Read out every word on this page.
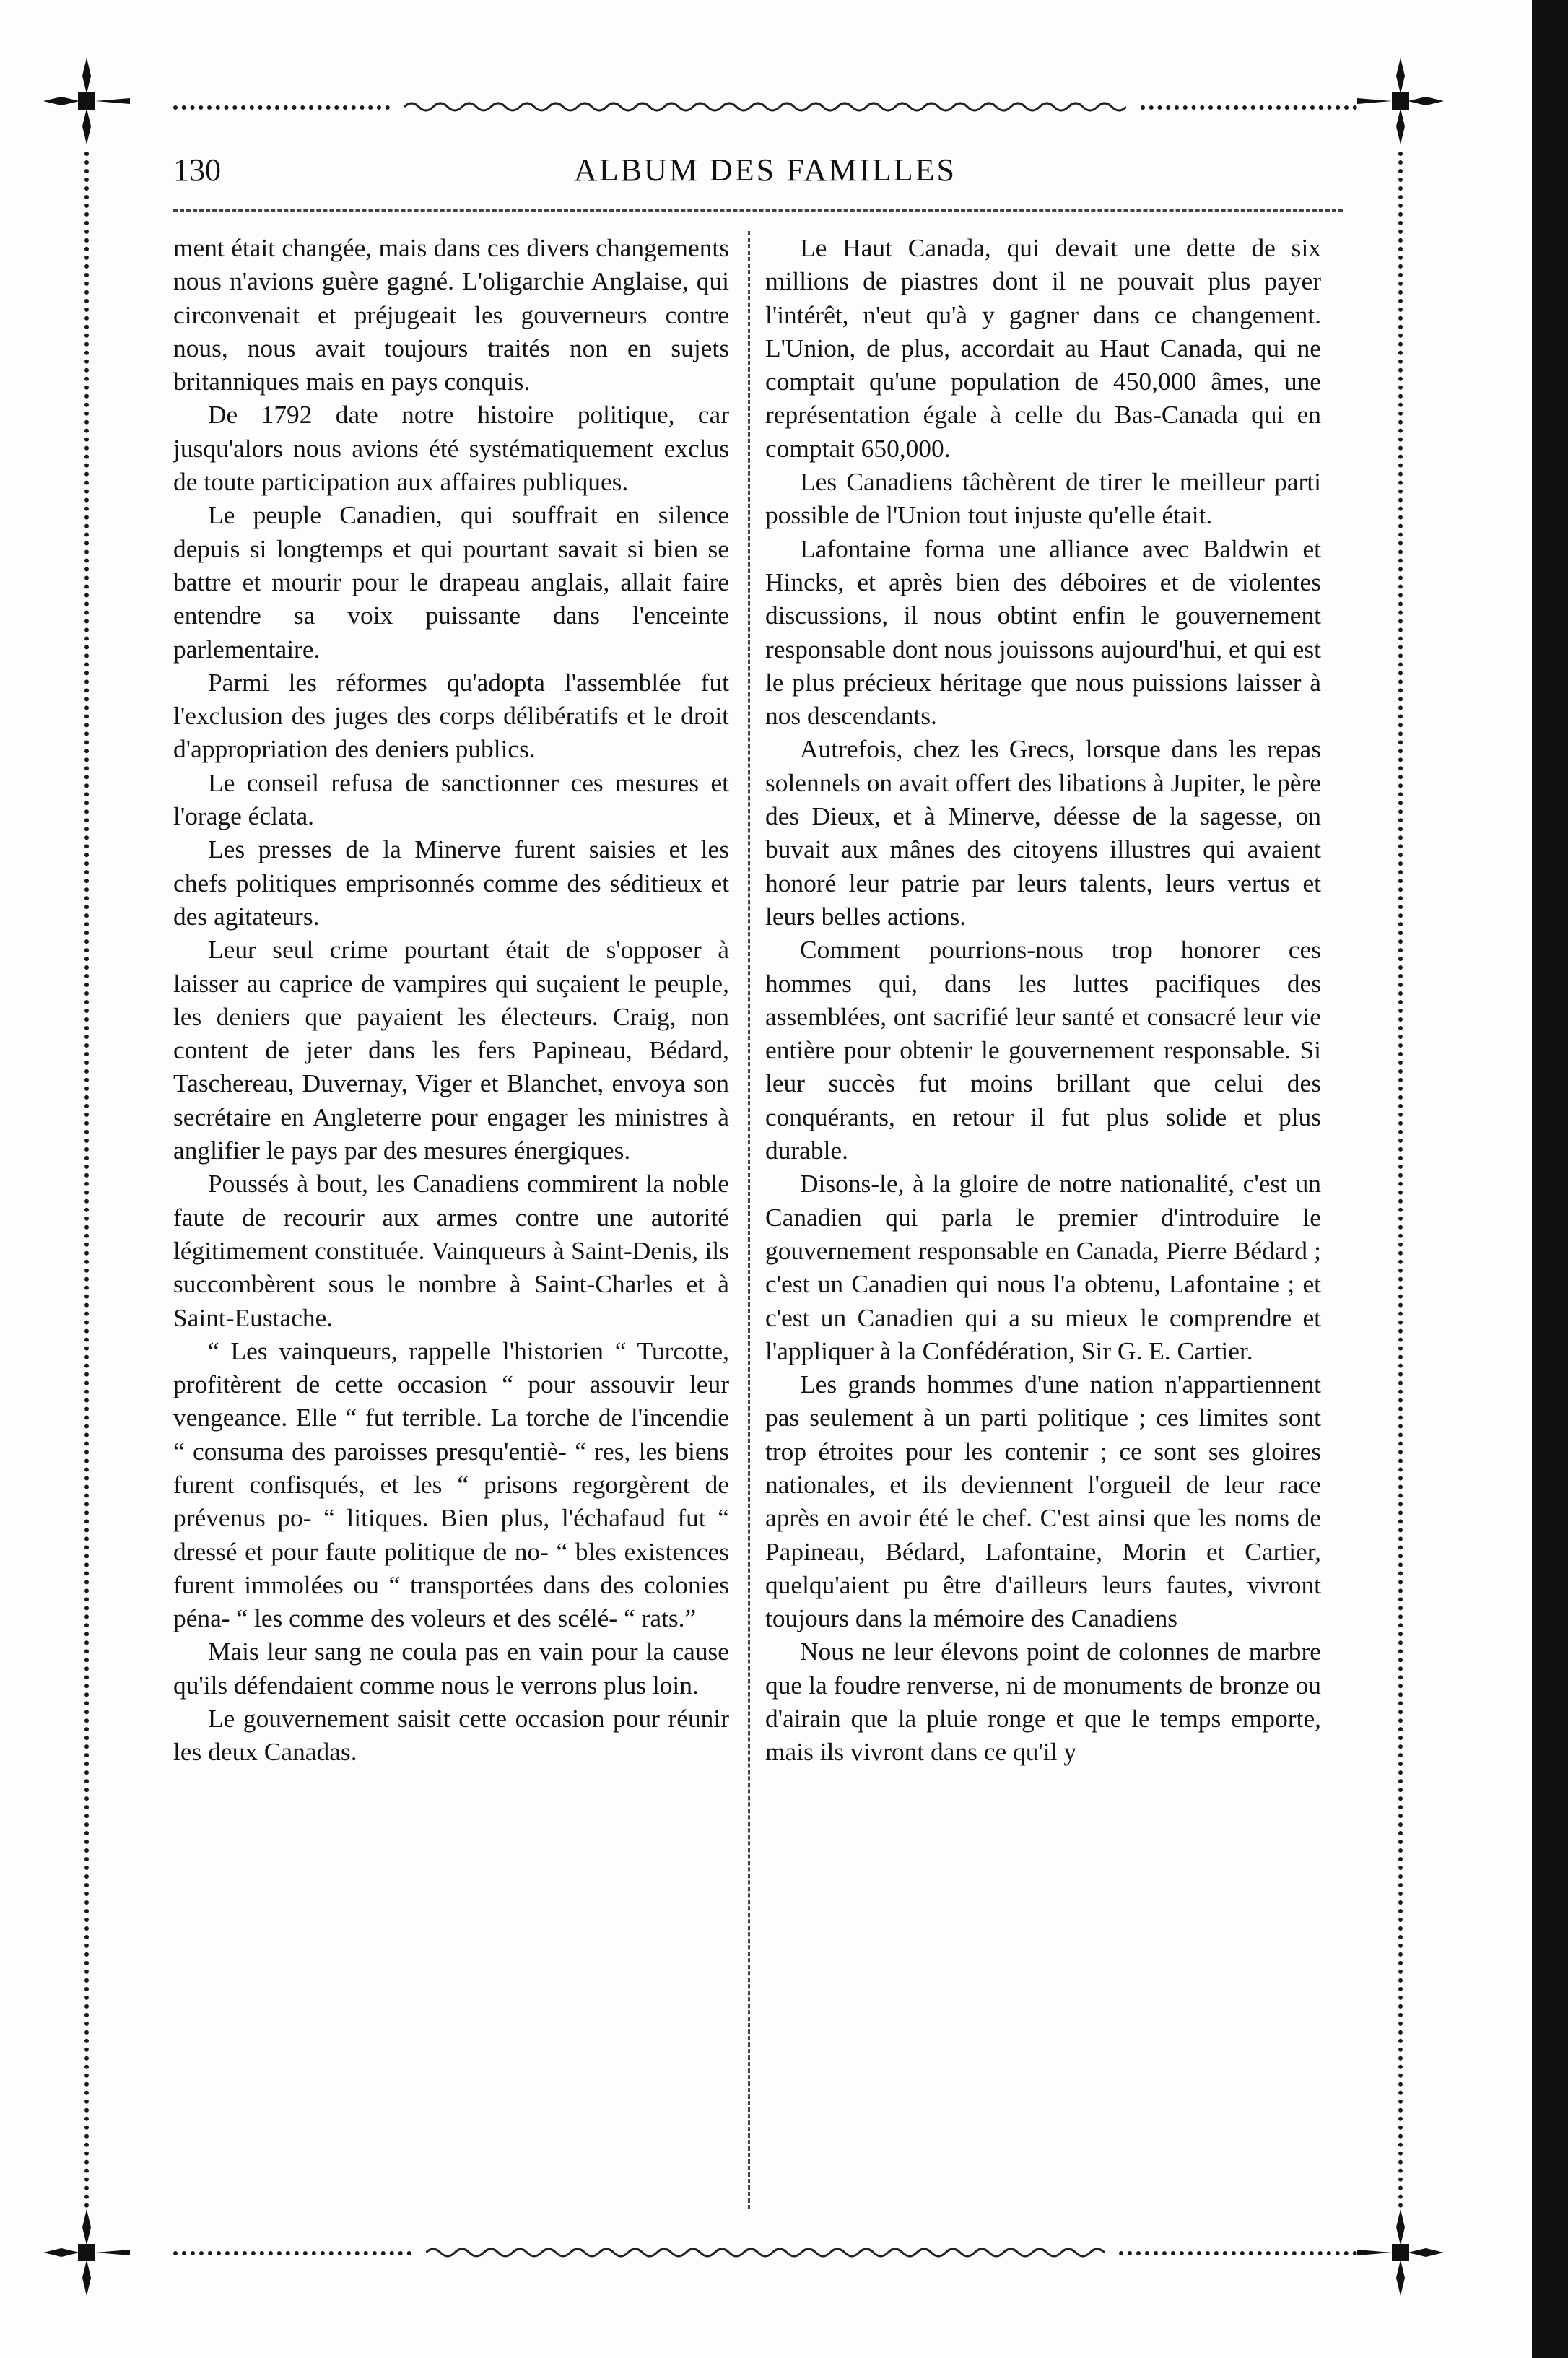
130	ALBUM DES FAMILLES

ment était changée, mais dans ces divers changements nous n'avions guère gagné. L'oligarchie Anglaise, qui circonvenait et préjugeait les gouverneurs contre nous, nous avait toujours traités non en sujets britanniques mais en pays conquis.

De 1792 date notre histoire politique, car jusqu'alors nous avions été systématiquement exclus de toute participation aux affaires publiques.

Le peuple Canadien, qui souffrait en silence depuis si longtemps et qui pourtant savait si bien se battre et mourir pour le drapeau anglais, allait faire entendre sa voix puissante dans l'enceinte parlementaire.

Parmi les réformes qu'adopta l'assemblée fut l'exclusion des juges des corps délibératifs et le droit d'appropriation des deniers publics.

Le conseil refusa de sanctionner ces mesures et l'orage éclata.

Les presses de la Minerve furent saisies et les chefs politiques emprisonnés comme des séditieux et des agitateurs.

Leur seul crime pourtant était de s'opposer à laisser au caprice de vampires qui suçaient le peuple, les deniers que payaient les électeurs. Craig, non content de jeter dans les fers Papineau, Bédard, Taschereau, Duvernay, Viger et Blanchet, envoya son secrétaire en Angleterre pour engager les ministres à anglifier le pays par des mesures énergiques.

Poussés à bout, les Canadiens commirent la noble faute de recourir aux armes contre une autorité légitimement constituée. Vainqueurs à Saint-Denis, ils succombèrent sous le nombre à Saint-Charles et à Saint-Eustache.

“ Les vainqueurs, rappelle l'historien “ Turcotte, profitèrent de cette occasion “ pour assouvir leur vengeance. Elle “ fut terrible. La torche de l'incendie “ consuma des paroisses presqu'entiè- “ res, les biens furent confisqués, et les “ prisons regorgèrent de prévenus po- “ litiques. Bien plus, l'échafaud fut “ dressé et pour faute politique de no- “ bles existences furent immolées ou “ transportées dans des colonies péna- “ les comme des voleurs et des scélé- “ rats.”

Mais leur sang ne coula pas en vain pour la cause qu'ils défendaient comme nous le verrons plus loin.

Le gouvernement saisit cette occasion pour réunir les deux Canadas.

Le Haut Canada, qui devait une dette de six millions de piastres dont il ne pouvait plus payer l'intérêt, n'eut qu'à y gagner dans ce changement. L'Union, de plus, accordait au Haut Canada, qui ne comptait qu'une population de 450,000 âmes, une représentation égale à celle du Bas-Canada qui en comptait 650,000.

Les Canadiens tâchèrent de tirer le meilleur parti possible de l'Union tout injuste qu'elle était.

Lafontaine forma une alliance avec Baldwin et Hincks, et après bien des déboires et de violentes discussions, il nous obtint enfin le gouvernement responsable dont nous jouissons aujourd'hui, et qui est le plus précieux héritage que nous puissions laisser à nos descendants.

Autrefois, chez les Grecs, lorsque dans les repas solennels on avait offert des libations à Jupiter, le père des Dieux, et à Minerve, déesse de la sagesse, on buvait aux mânes des citoyens illustres qui avaient honoré leur patrie par leurs talents, leurs vertus et leurs belles actions.

Comment pourrions-nous trop honorer ces hommes qui, dans les luttes pacifiques des assemblées, ont sacrifié leur santé et consacré leur vie entière pour obtenir le gouvernement responsable. Si leur succès fut moins brillant que celui des conquérants, en retour il fut plus solide et plus durable.

Disons-le, à la gloire de notre nationalité, c'est un Canadien qui parla le premier d'introduire le gouvernement responsable en Canada, Pierre Bédard ; c'est un Canadien qui nous l'a obtenu, Lafontaine ; et c'est un Canadien qui a su mieux le comprendre et l'appliquer à la Confédération, Sir G. E. Cartier.

Les grands hommes d'une nation n'appartiennent pas seulement à un parti politique ; ces limites sont trop étroites pour les contenir ; ce sont ses gloires nationales, et ils deviennent l'orgueil de leur race après en avoir été le chef. C'est ainsi que les noms de Papineau, Bédard, Lafontaine, Morin et Cartier, quelqu'aient pu être d'ailleurs leurs fautes, vivront toujours dans la mémoire des Canadiens

Nous ne leur élevons point de colonnes de marbre que la foudre renverse, ni de monuments de bronze ou d'airain que la pluie ronge et que le temps emporte, mais ils vivront dans ce qu'il y
